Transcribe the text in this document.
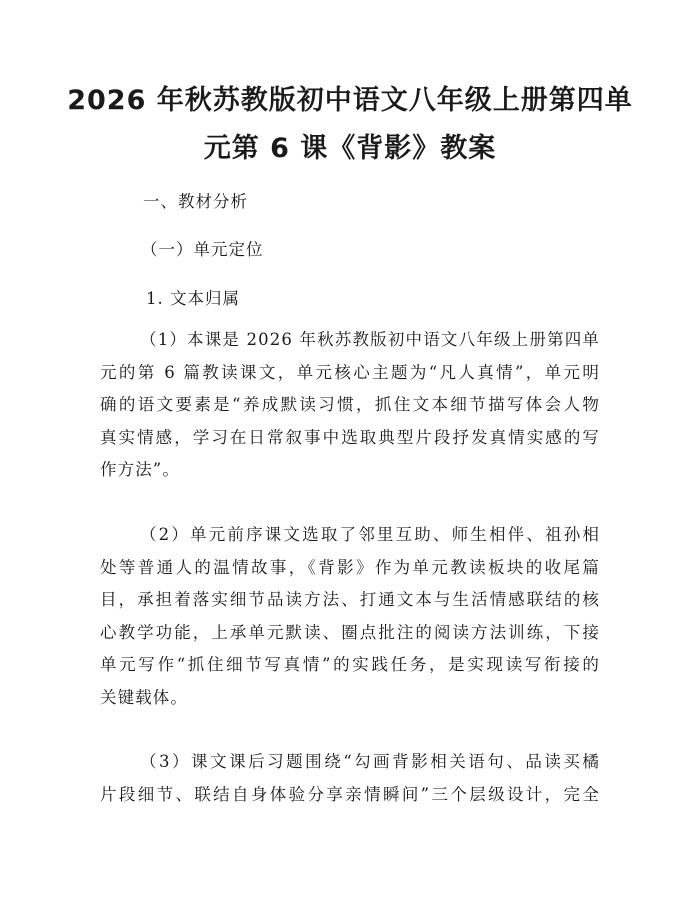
2026 年秋苏教版初中语文八年级上册第四单
元第 6 课《背影》教案

一、教材分析

（一）单元定位

1. 文本归属

（1）本课是 2026 年秋苏教版初中语文八年级上册第四单
元的第 6 篇教读课文，单元核心主题为“凡人真情”，单元明
确的语文要素是“养成默读习惯，抓住文本细节描写体会人物
真实情感，学习在日常叙事中选取典型片段抒发真情实感的写
作方法”。
（2）单元前序课文选取了邻里互助、师生相伴、祖孙相
处等普通人的温情故事，《背影》作为单元教读板块的收尾篇
目，承担着落实细节品读方法、打通文本与生活情感联结的核
心教学功能，上承单元默读、圈点批注的阅读方法训练，下接
单元写作“抓住细节写真情”的实践任务，是实现读写衔接的
关键载体。
（3）课文课后习题围绕“勾画背影相关语句、品读买橘
片段细节、联结自身体验分享亲情瞬间”三个层级设计，完全
